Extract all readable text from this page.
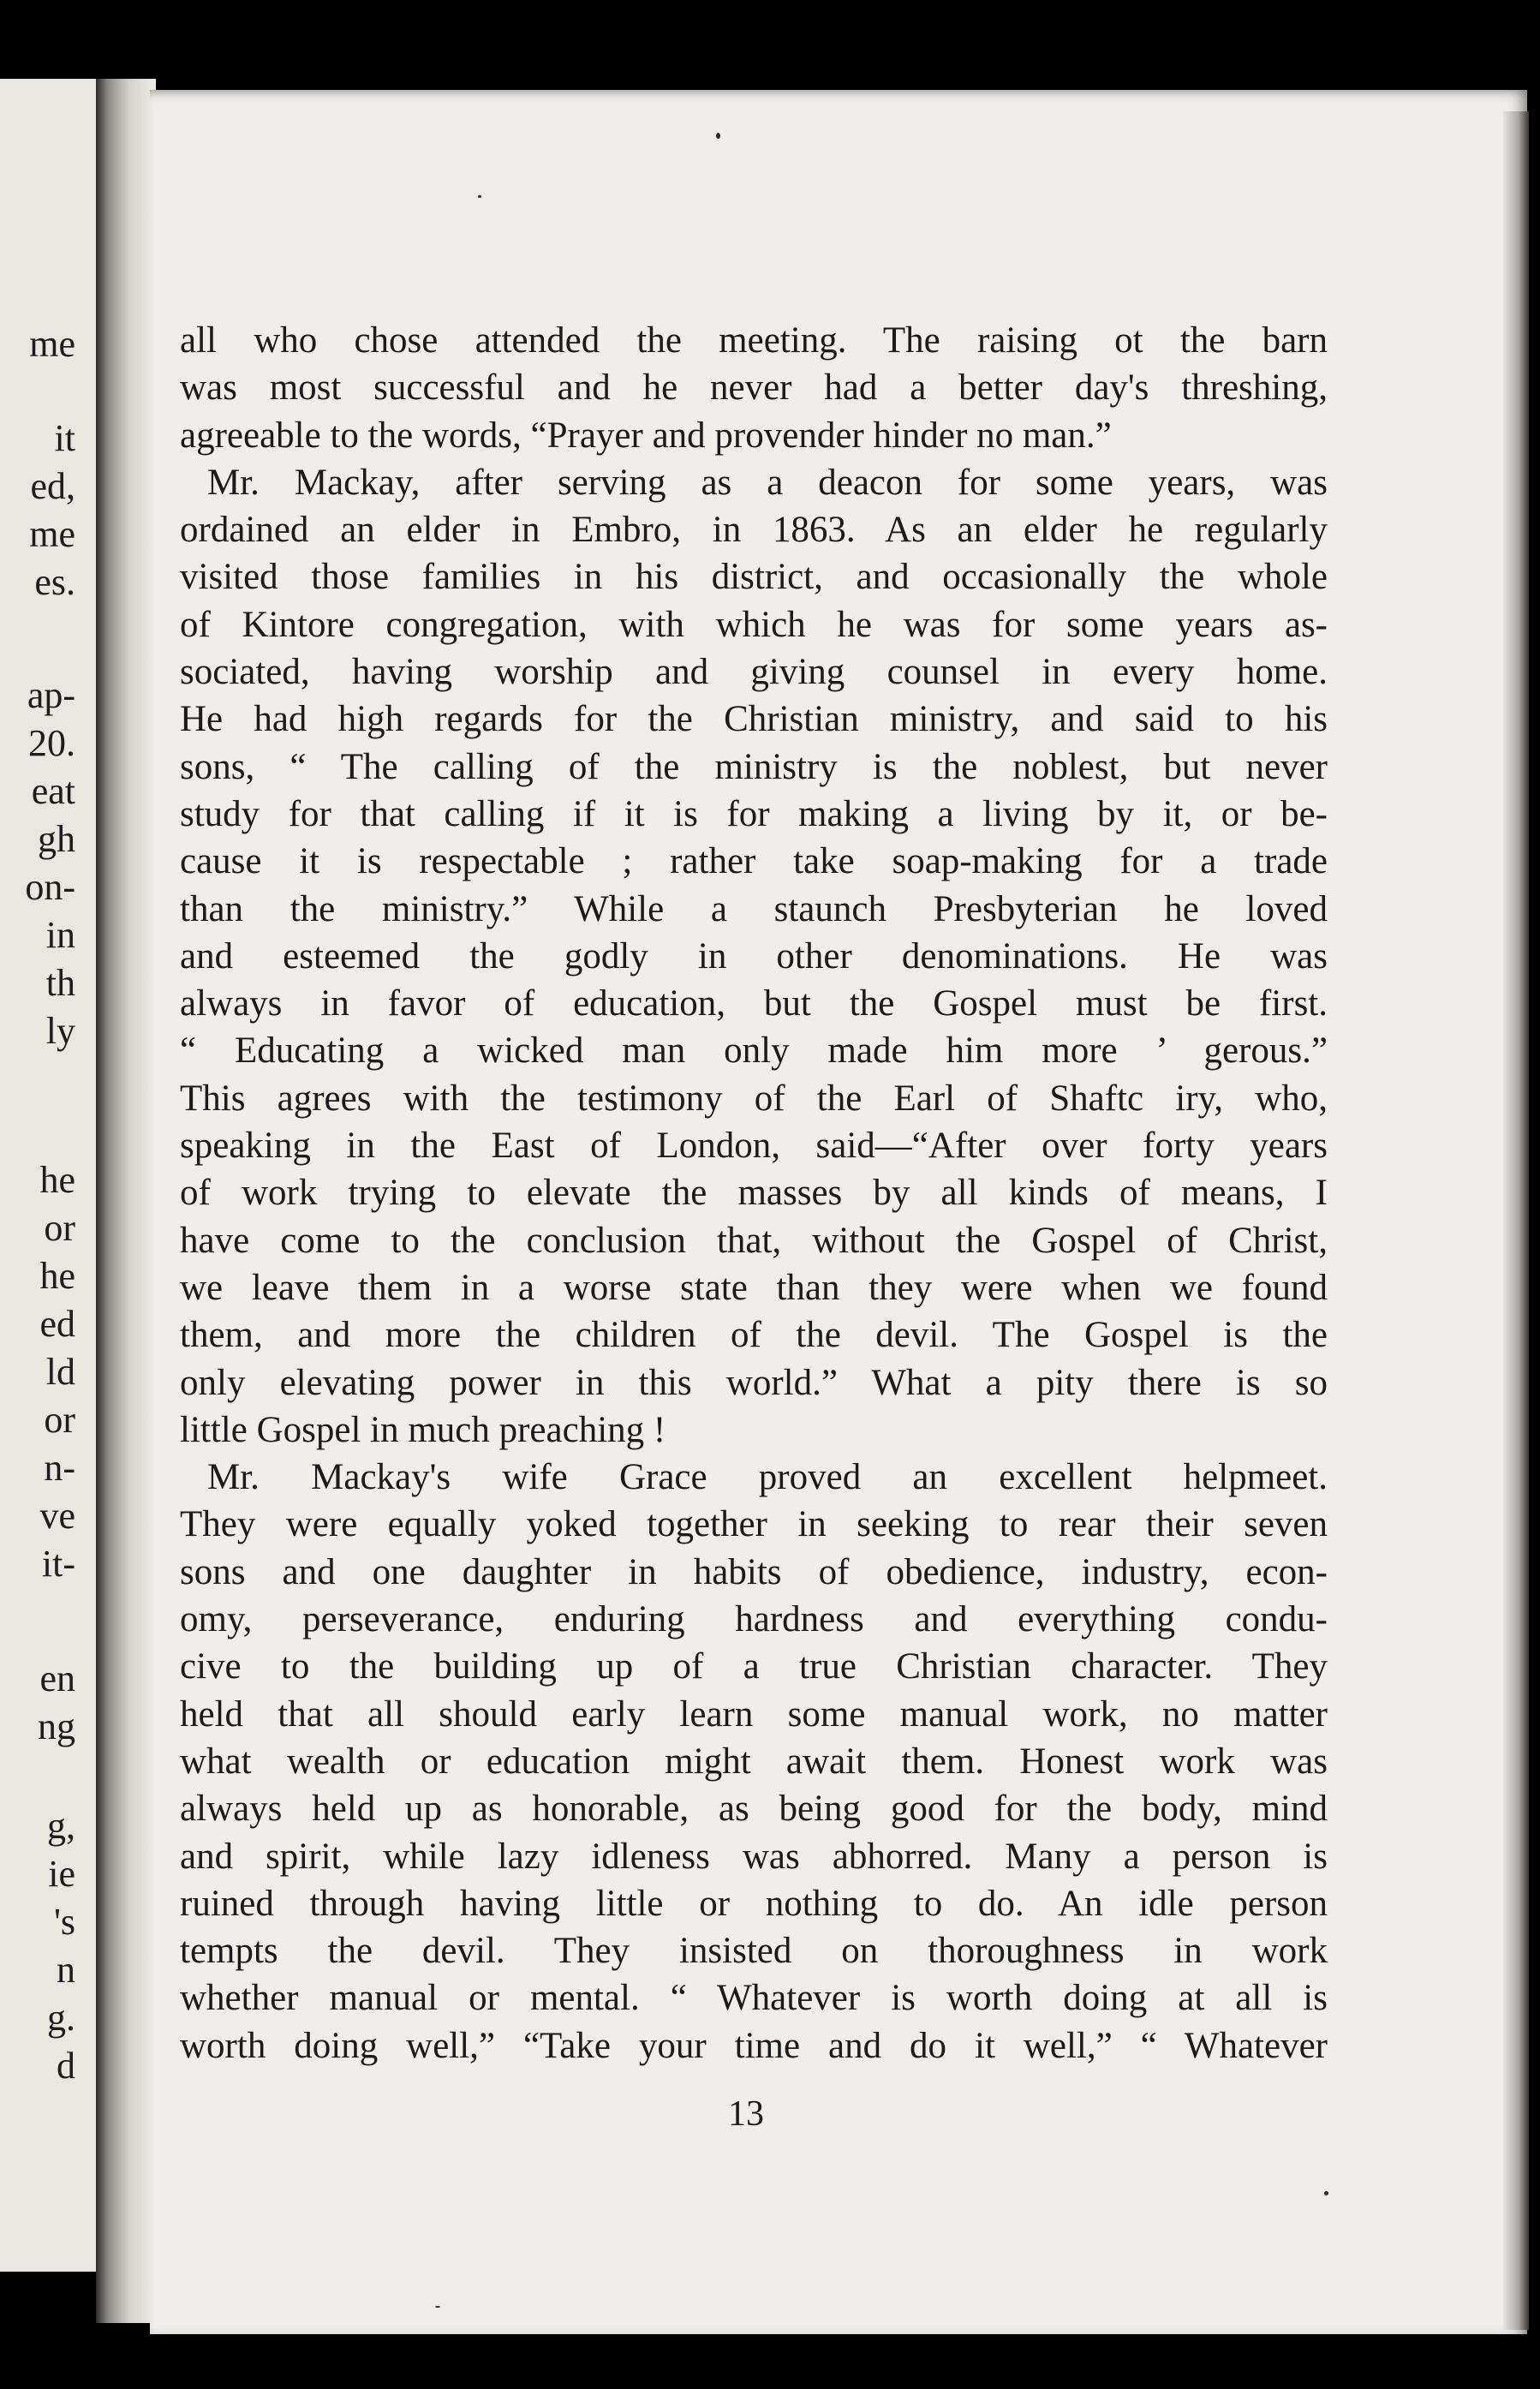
me
it
ed,
me
es.
ap-
20.
eat
gh
on-
in
th
ly
he
or
he
ed
ld
or
n-
ve
it-
en
ng
g,
ie
's
n
g.
d
all who chose attended the meeting. The raising ot the barn
was most successful and he never had a better day's threshing,
agreeable to the words, “Prayer and provender hinder no man.”
Mr. Mackay, after serving as a deacon for some years, was
ordained an elder in Embro, in 1863. As an elder he regularly
visited those families in his district, and occasionally the whole
of Kintore congregation, with which he was for some years as-
sociated, having worship and giving counsel in every home.
He had high regards for the Christian ministry, and said to his
sons, “ The calling of the ministry is the noblest, but never
study for that calling if it is for making a living by it, or be-
cause it is respectable ; rather take soap-making for a trade
than the ministry.” While a staunch Presbyterian he loved
and esteemed the godly in other denominations. He was
always in favor of education, but the Gospel must be first.
“ Educating a wicked man only made him more ’ gerous.”
This agrees with the testimony of the Earl of Shaftc iry, who,
speaking in the East of London, said—“After over forty years
of work trying to elevate the masses by all kinds of means, I
have come to the conclusion that, without the Gospel of Christ,
we leave them in a worse state than they were when we found
them, and more the children of the devil. The Gospel is the
only elevating power in this world.” What a pity there is so
little Gospel in much preaching !
Mr. Mackay's wife Grace proved an excellent helpmeet.
They were equally yoked together in seeking to rear their seven
sons and one daughter in habits of obedience, industry, econ-
omy, perseverance, enduring hardness and everything condu-
cive to the building up of a true Christian character. They
held that all should early learn some manual work, no matter
what wealth or education might await them. Honest work was
always held up as honorable, as being good for the body, mind
and spirit, while lazy idleness was abhorred. Many a person is
ruined through having little or nothing to do. An idle person
tempts the devil. They insisted on thoroughness in work
whether manual or mental. “ Whatever is worth doing at all is
worth doing well,” “Take your time and do it well,” “ Whatever
13
